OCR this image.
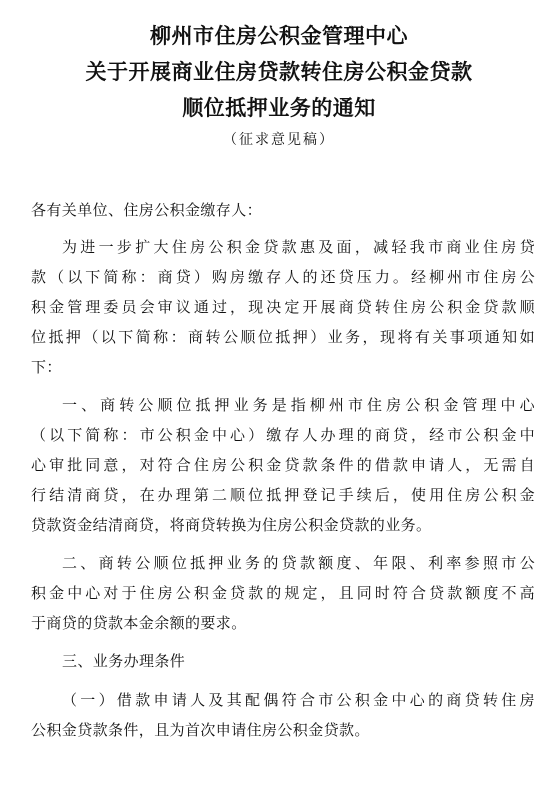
柳州市住房公积金管理中心
关于开展商业住房贷款转住房公积金贷款
顺位抵押业务的通知
（征求意见稿）
各有关单位、住房公积金缴存人：
为进一步扩大住房公积金贷款惠及面，减轻我市商业住房贷
款（以下简称：商贷）购房缴存人的还贷压力。经柳州市住房公
积金管理委员会审议通过，现决定开展商贷转住房公积金贷款顺
位抵押（以下简称：商转公顺位抵押）业务，现将有关事项通知如
下：
一、商转公顺位抵押业务是指柳州市住房公积金管理中心
（以下简称：市公积金中心）缴存人办理的商贷，经市公积金中
心审批同意，对符合住房公积金贷款条件的借款申请人，无需自
行结清商贷，在办理第二顺位抵押登记手续后，使用住房公积金
贷款资金结清商贷，将商贷转换为住房公积金贷款的业务。
二、商转公顺位抵押业务的贷款额度、年限、利率参照市公
积金中心对于住房公积金贷款的规定，且同时符合贷款额度不高
于商贷的贷款本金余额的要求。
三、业务办理条件
（一）借款申请人及其配偶符合市公积金中心的商贷转住房
公积金贷款条件，且为首次申请住房公积金贷款。
